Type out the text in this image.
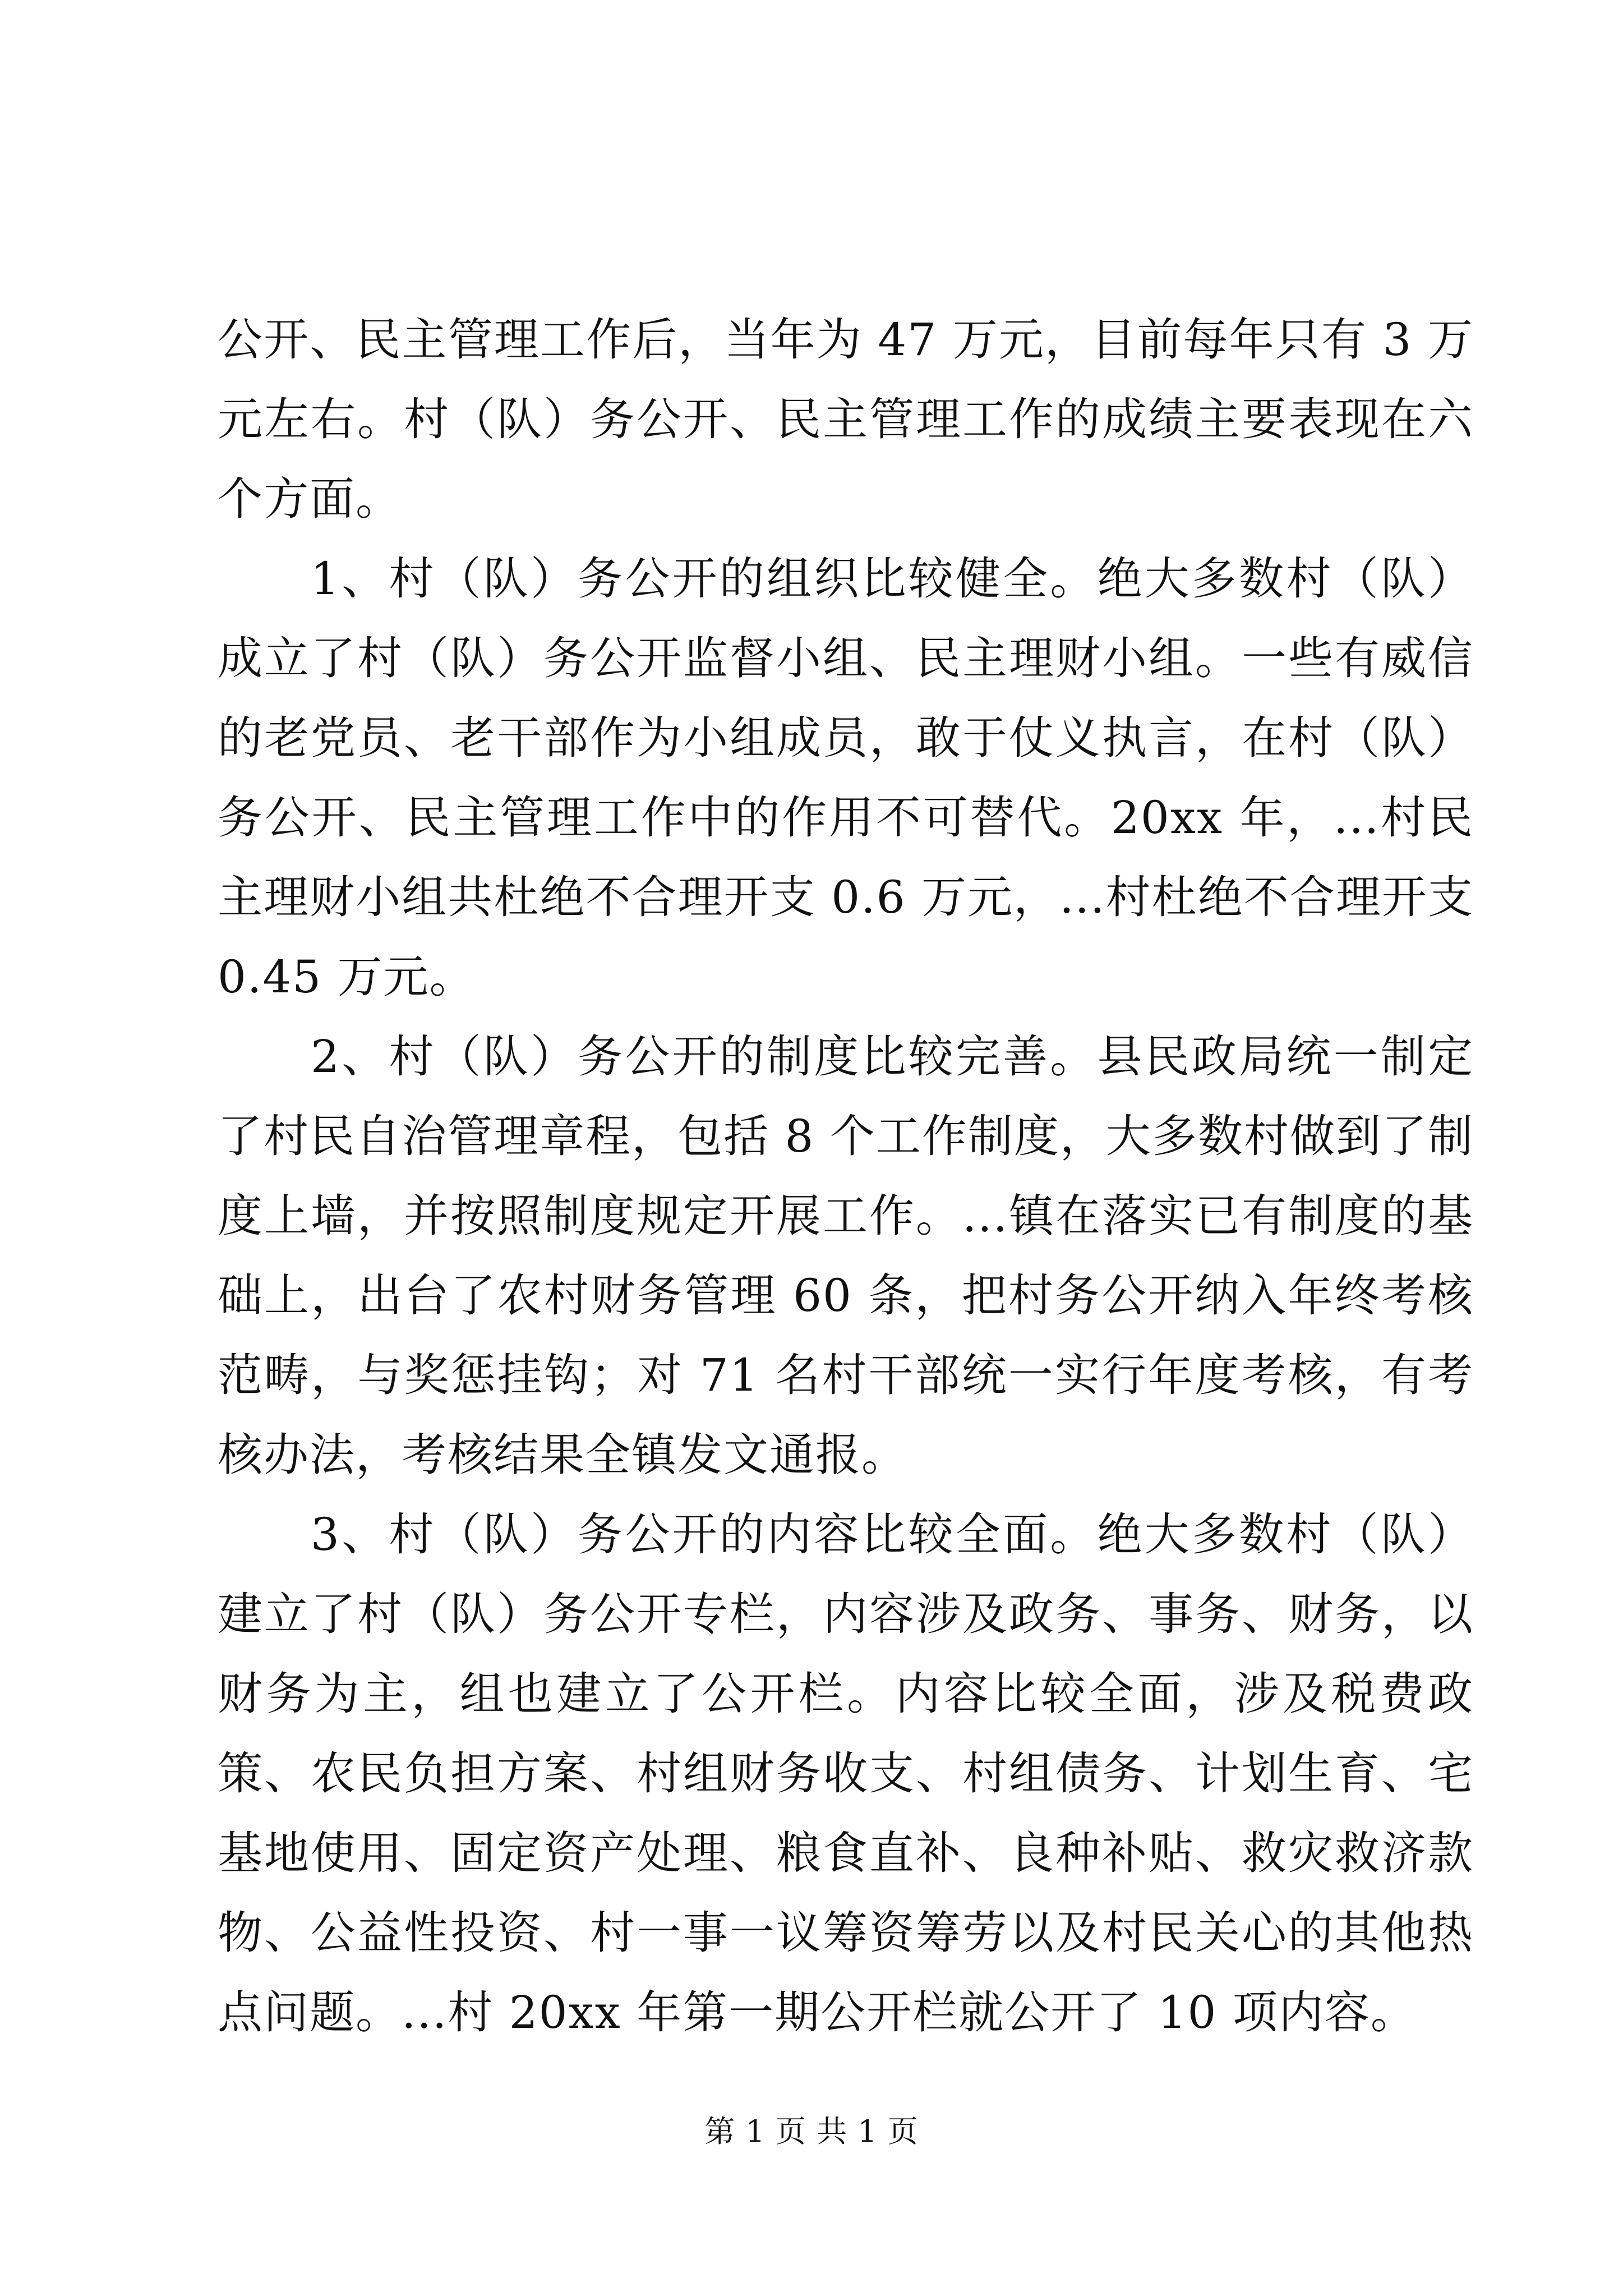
公开、民主管理工作后，当年为 47 万元，目前每年只有 3 万元左右。村（队）务公开、民主管理工作的成绩主要表现在六个方面。

1、村（队）务公开的组织比较健全。绝大多数村（队）成立了村（队）务公开监督小组、民主理财小组。一些有威信的老党员、老干部作为小组成员，敢于仗义执言，在村（队）务公开、民主管理工作中的作用不可替代。20xx 年，...村民主理财小组共杜绝不合理开支 0.6 万元，...村杜绝不合理开支 0.45 万元。

2、村（队）务公开的制度比较完善。县民政局统一制定了村民自治管理章程，包括 8 个工作制度，大多数村做到了制度上墙，并按照制度规定开展工作。...镇在落实已有制度的基础上，出台了农村财务管理 60 条，把村务公开纳入年终考核范畴，与奖惩挂钩；对 71 名村干部统一实行年度考核，有考核办法，考核结果全镇发文通报。

3、村（队）务公开的内容比较全面。绝大多数村（队）建立了村（队）务公开专栏，内容涉及政务、事务、财务，以财务为主，组也建立了公开栏。内容比较全面，涉及税费政策、农民负担方案、村组财务收支、村组债务、计划生育、宅基地使用、固定资产处理、粮食直补、良种补贴、救灾救济款物、公益性投资、村一事一议筹资筹劳以及村民关心的其他热点问题。...村 20xx 年第一期公开栏就公开了 10 项内容。

第 1 页 共 1 页
